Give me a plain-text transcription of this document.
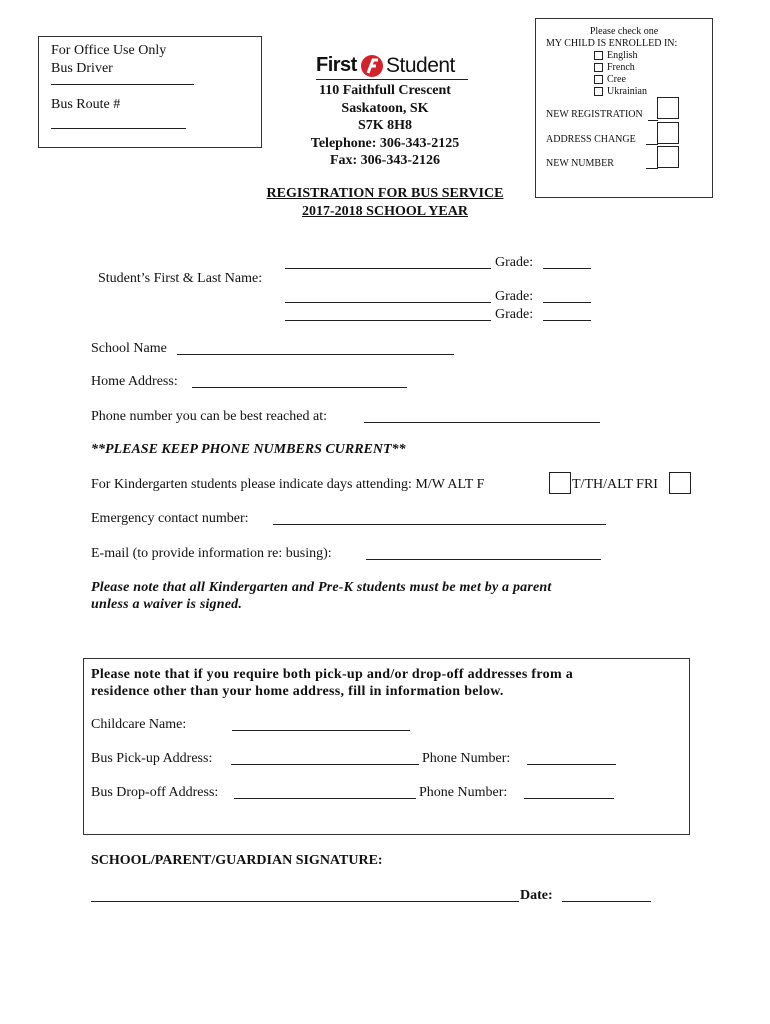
For Office Use Only
Bus Driver
Bus Route #
First Student
110 Faithfull Crescent
Saskatoon, SK
S7K 8H8
Telephone: 306-343-2125
Fax: 306-343-2126
Please check one
MY CHILD IS ENROLLED IN:
English
French
Cree
Ukrainian
NEW REGISTRATION
ADDRESS CHANGE
NEW NUMBER
REGISTRATION FOR BUS SERVICE
2017-2018 SCHOOL YEAR

Student’s First & Last Name:

Grade:
Grade:
Grade:
School Name
Home Address:
Phone number you can be best reached at:
**PLEASE KEEP PHONE NUMBERS CURRENT**
For Kindergarten students please indicate days attending: M/W ALT F	T/TH/ALT FRI
Emergency contact number:
E-mail (to provide information re: busing):
Please note that all Kindergarten and Pre-K students must be met by a parent
unless a waiver is signed.
Please note that if you require both pick-up and/or drop-off addresses from a
residence other than your home address, fill in information below.
Childcare Name:
Bus Pick-up Address:	Phone Number:
Bus Drop-off Address:	Phone Number:
SCHOOL/PARENT/GUARDIAN SIGNATURE:
Date:
